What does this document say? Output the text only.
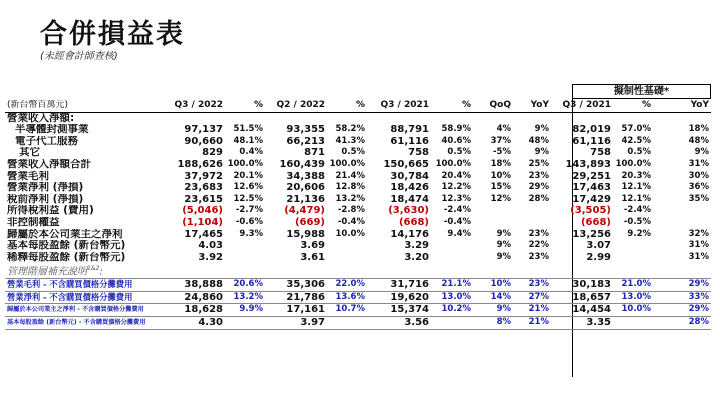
合併損益表
(未經會計師查核)
擬制性基礎*
(新台幣百萬元)	Q3 / 2022	%	Q2 / 2022	%	Q3 / 2021	%	QoQ	YoY	Q3 / 2021	%	YoY
營業收入淨額:											
半導體封測事業	97,137	51.5%	93,355	58.2%	88,791	58.9%	4%	9%	82,019	57.0%	18%
電子代工服務	90,660	48.1%	66,213	41.3%	61,116	40.6%	37%	48%	61,116	42.5%	48%
其它	829	0.4%	871	0.5%	758	0.5%	-5%	9%	758	0.5%	9%
營業收入淨額合計	188,626	100.0%	160,439	100.0%	150,665	100.0%	18%	25%	143,893	100.0%	31%
營業毛利	37,972	20.1%	34,388	21.4%	30,784	20.4%	10%	23%	29,251	20.3%	30%
營業淨利 (淨損)	23,683	12.6%	20,606	12.8%	18,426	12.2%	15%	29%	17,463	12.1%	36%
稅前淨利 (淨損)	23,615	12.5%	21,136	13.2%	18,474	12.3%	12%	28%	17,429	12.1%	35%
所得稅利益 (費用)	(5,046)	-2.7%	(4,479)	-2.8%	(3,630)	-2.4%			(3,505)	-2.4%	
非控制權益	(1,104)	-0.6%	(669)	-0.4%	(668)	-0.4%			(668)	-0.5%	
歸屬於本公司業主之淨利	17,465	9.3%	15,988	10.0%	14,176	9.4%	9%	23%	13,256	9.2%	32%
基本每股盈餘 (新台幣元)	4.03		3.69		3.29		9%	22%	3.07		31%
稀釋每股盈餘 (新台幣元)	3.92		3.61		3.20		9%	23%	2.99		31%
管理階層補充說明$^{1\&2}$:											
營業毛利 - 不含購買價格分攤費用	38,888	20.6%	35,306	22.0%	31,716	21.1%	10%	23%	30,183	21.0%	29%
營業淨利 - 不含購買價格分攤費用	24,860	13.2%	21,786	13.6%	19,620	13.0%	14%	27%	18,657	13.0%	33%
歸屬於本公司業主之淨利 - 不含購買價格分攤費用	18,628	9.9%	17,161	10.7%	15,374	10.2%	9%	21%	14,454	10.0%	29%
基本每股盈餘 (新台幣元) - 不含購買價格分攤費用	4.30		3.97		3.56		8%	21%	3.35		28%
